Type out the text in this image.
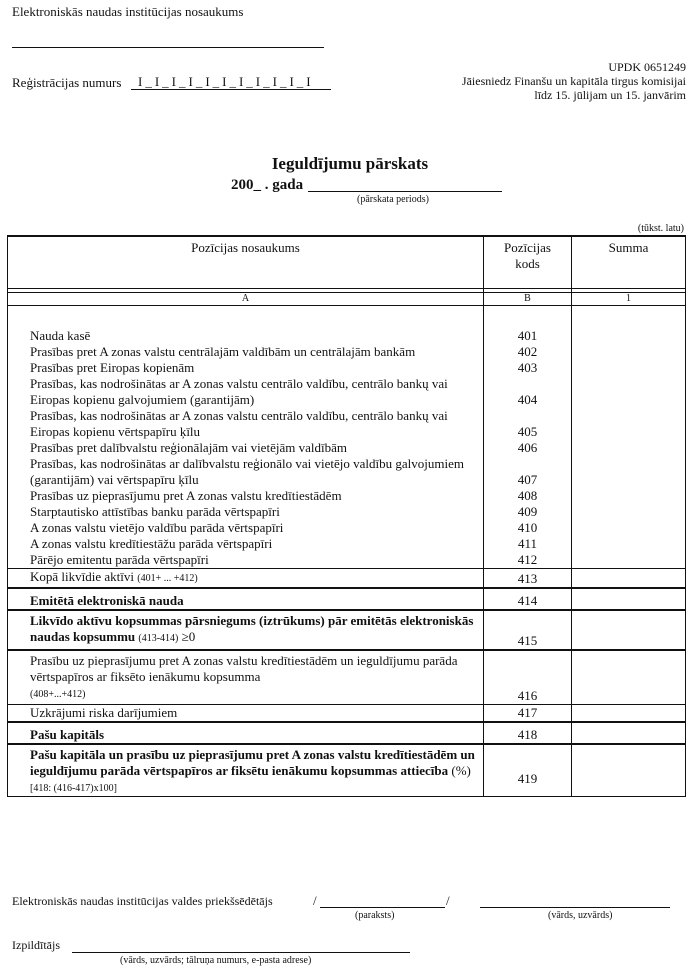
Elektroniskās naudas institūcijas nosaukums
Reģistrācijas numurs I_I_I_I_I_I_I_I_I_I_I
UPDK 0651249
Jāiesniedz Finanšu un kapitāla tirgus komisijai
līdz 15. jūlijam un 15. janvārim
Ieguldījumu pārskats
200_ . gada
(pārskata periods)
(tūkst. latu)
Pozīcijas nosaukums	Pozīcijas kods	Summa

A	B	1

Nauda kasē	401	
Prasības pret A zonas valstu centrālajām valdībām un centrālajām bankām	402	
Prasības pret Eiropas kopienām	403	
Prasības, kas nodrošinātas ar A zonas valstu centrālo valdību, centrālo bankų vai Eiropas kopienu galvojumiem (garantijām)	404	
Prasības, kas nodrošinātas ar A zonas valstu centrālo valdību, centrālo bankų vai Eiropas kopienu vērtspapīru ķīlu	405	
Prasības pret dalībvalstu reģionālajām vai vietējām valdībām	406	
Prasības, kas nodrošinātas ar dalībvalstu reģionālo vai vietējo valdību galvojumiem (garantijām) vai vērtspapīru ķīlu	407	
Prasības uz pieprasījumu pret A zonas valstu kredītiestādēm	408	
Starptautisko attīstības banku parāda vērtspapīri	409	
A zonas valstu vietējo valdību parāda vērtspapīri	410	
A zonas valstu kredītiestāžu parāda vērtspapīri	411	
Pārējo emitentu parāda vērtspapīri	412	
Kopā likvīdie aktīvi (401+ ... +412)	413	
Emitētā elektroniskā nauda	414	
Likvīdo aktīvu kopsummas pārsniegums (iztrūkums) pār emitētās elektroniskās naudas kopsummu (413-414) ≥0	415	
Prasību uz pieprasījumu pret A zonas valstu kredītiestādēm un ieguldījumu parāda vērtspapīros ar fiksēto ienākumu kopsumma
(408+...+412)	416	
Uzkrājumi riska darījumiem	417	
Pašu kapitāls	418	
Pašu kapitāla un prasību uz pieprasījumu pret A zonas valstu kredītiestādēm un ieguldījumu parāda vērtspapīros ar fiksētu ienākumu kopsummas attiecība (%)
[418: (416-417)x100]	419	
Elektroniskās naudas institūcijas valdes priekšsēdētājs	/	/
(paraksts)	(vārds, uzvārds)
Izpildītājs
(vārds, uzvārds; tālruņa numurs, e-pasta adrese)
